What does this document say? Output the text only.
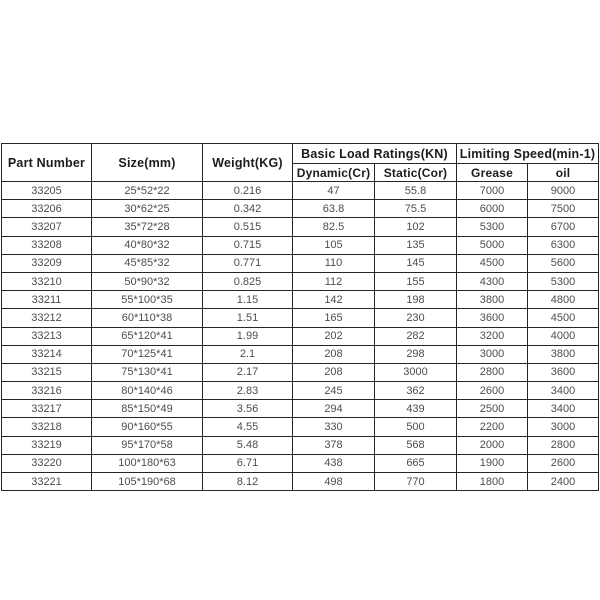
Part Number	Size(mm)	Weight(KG)	Basic Load Ratings(KN)		Limiting Speed(min-1)	
			Dynamic(Cr)	Static(Cor)	Grease	oil
33205	25*52*22	0.216	47	55.8	7000	9000
33206	30*62*25	0.342	63.8	75.5	6000	7500
33207	35*72*28	0.515	82.5	102	5300	6700
33208	40*80*32	0.715	105	135	5000	6300
33209	45*85*32	0.771	110	145	4500	5600
33210	50*90*32	0.825	112	155	4300	5300
33211	55*100*35	1.15	142	198	3800	4800
33212	60*110*38	1.51	165	230	3600	4500
33213	65*120*41	1.99	202	282	3200	4000
33214	70*125*41	2.1	208	298	3000	3800
33215	75*130*41	2.17	208	3000	2800	3600
33216	80*140*46	2.83	245	362	2600	3400
33217	85*150*49	3.56	294	439	2500	3400
33218	90*160*55	4.55	330	500	2200	3000
33219	95*170*58	5.48	378	568	2000	2800
33220	100*180*63	6.71	438	665	1900	2600
33221	105*190*68	8.12	498	770	1800	2400
